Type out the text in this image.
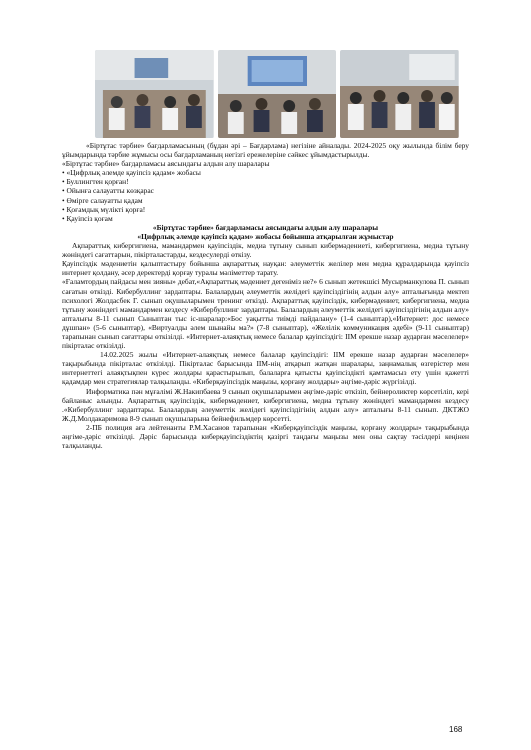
«Біртұтас тәрбие» бағдарламасының (бұдан әрі – Бағдарлама) негізіне айналады. 2024-2025 оқу жылында білім беру ұйымдарында тәрбие жұмысы осы бағдарламаның негізгі ережелеріне сәйкес ұйымдастырылды.

«Біртұтас тәрбие» бағдарламасы аясындағы алдын алу шаралары

• «Цифрлық әлемде қауіпсіз қадам» жобасы

• Буллингтен қорған!

• Ойынға салауатты көзқарас

• Өмірге салауатты қадам

• Қоғамдық мүлікті қорға!

• Қауіпсіз қоғам

«Біртұтас тәрбие» бағдарламасы аясындағы алдын алу шаралары

«Цифрлық әлемде қауіпсіз қадам» жобасы бойынша атқарылған жұмыстар

Ақпараттық кибергигиена, мамандармен қауіпсіздік, медиа тұтыну сынып кибермәдениеті, кибергигиена, медиа тұтыну жөніндегі сағаттарын, пікірталастарды, кездесулерді өткізу.

Қауіпсіздік мәдениетін қалыптастыру бойынша ақпараттық науқан: әлеуметтік желілер мен медиа құралдарында қауіпсіз интернет қолдану, әсер деректерді қорғау туралы мәліметтер тарату.

«Ғаламтордың пайдасы мен зияны» дебат,«Ақпараттық мәдениет дегеніміз не?» 6 сынып жетекшісі Мусырманкулова П. сынып сағатын өткізді. Кибербуллинг зардаптары. Балалардың әлеуметтік желідегі қауіпсіздігінің алдын алу» апталығында мектеп психологі Жолдасбек Г. сынып оқушыларымен тренинг өткізді. Ақпараттық қауіпсіздік, кибермәдениет, кибергигиена, медиа тұтыну жөніндегі мамандармен кездесу «Кибербуллинг зардаптары. Балалардың әлеуметтік желідегі қауіпсіздігінің алдын алу» апталығы 8-11 сынып Сыныптан тыс іс-шаралар:«Бос уақытты тиімді пайдалану» (1-4 сыныптар),«Интернет: дос немесе дұшпан» (5-6 сыныптар), «Виртуалды әлем шынайы ма?» (7-8 сыныптар), «Желілік коммуникация әдебі» (9-11 сыныптар) тарапынан сынып сағаттары өткізілді. «Интернет-алаяқтық немесе балалар қауіпсіздігі: ІІМ ерекше назар аударған мәселелер» пікірталас өткізілді.

14.02.2025 жылы «Интернет-алаяқтық немесе балалар қауіпсіздігі: ІІМ ерекше назар аударған мәселелер» тақырыбында пікірталас өткізілді. Пікірталас барысында ІІМ-нің атқарып жатқан шаралары, заңнамалық өзгерістер мен интернеттегі алаяқтықпен күрес жолдары қарастырылып, балаларға қатысты қауіпсіздікті қамтамасыз ету үшін қажетті қадамдар мен стратегиялар талқыланды. «Киберқауіпсіздік маңызы, қорғану жолдары» әңгіме-дәріс жүргізілді.

Информатика пән мұғалімі Ж.Накипбаева 9 сынып оқушыларымен әңгіме-дәріс өткізіп, бейнероликтер көрсетіліп, кері байланыс алынды. Ақпараттық қауіпсіздік, кибермәдениет, кибергигиена, медиа тұтыну жөніндегі мамандармен кездесу .«Кибербуллинг зардаптары. Балалардың әлеуметтік желідегі қауіпсіздігінің алдын алу» апталығы 8-11 сынып. ДКТЖО Ж.Д.Молдакаримова 8-9 сынып оқушыларына бейнефильмдер көрсетті.

2-ПБ полиция аға лейтенанты Р.М.Хасанов тарапынан «Киберқауіпсіздік маңызы, қорғану жолдары» тақырыбында әңгіме-дәріс өткізілді. Дәріс барысында киберқауіпсіздіктің қазіргі таңдағы маңызы мен оны сақтау тәсілдері кеңінен талқыланды.

168
